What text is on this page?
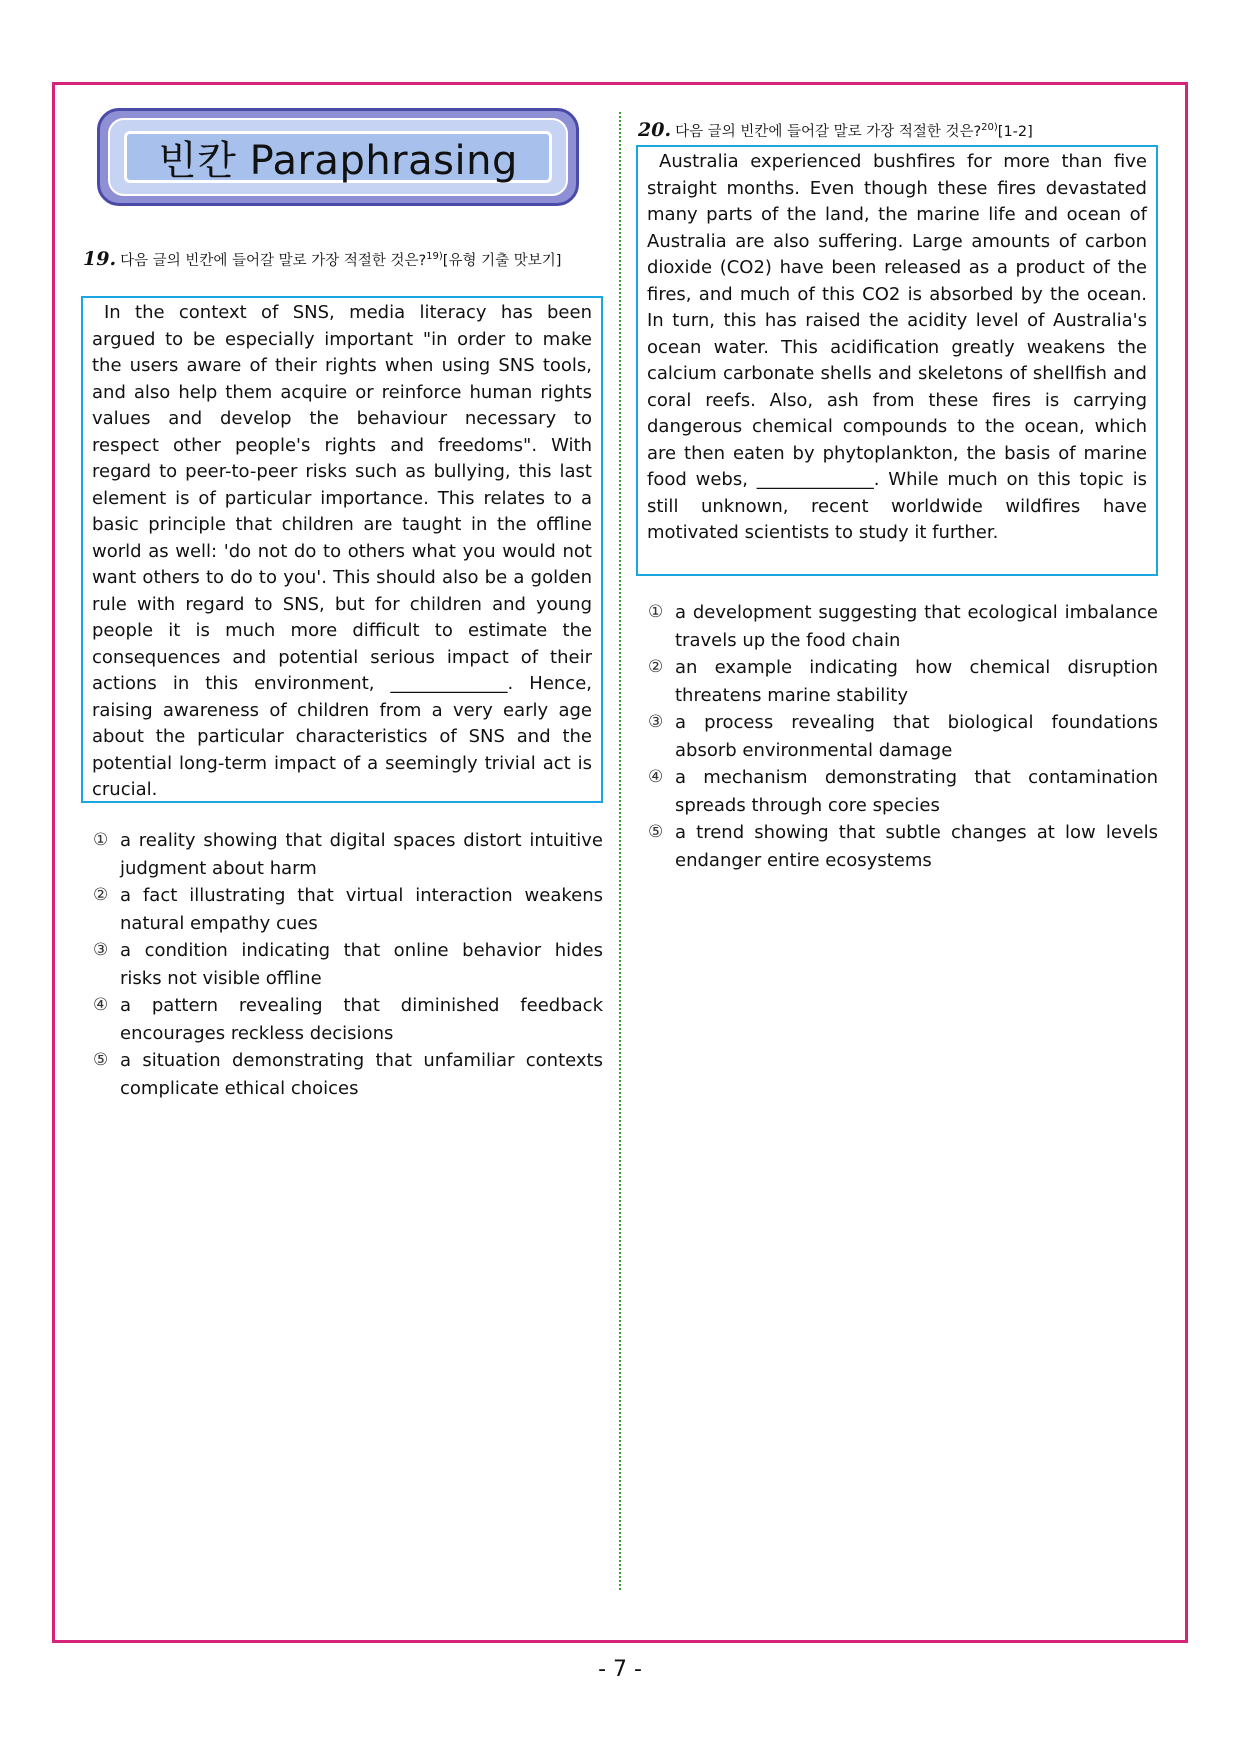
빈칸 Paraphrasing
19. 다음 글의 빈칸에 들어갈 말로 가장 적절한 것은?$^{19)}$[유형 기출 맛보기]

In the context of SNS, media literacy has been argued to be especially important "in order to make the users aware of their rights when using SNS tools, and also help them acquire or reinforce human rights values and develop the behaviour necessary to respect other people's rights and freedoms". With regard to peer-to-peer risks such as bullying, this last element is of particular importance. This relates to a basic principle that children are taught in the offline world as well: 'do not do to others what you would not want others to do to you'. This should also be a golden rule with regard to SNS, but for children and young people it is much more difficult to estimate the consequences and potential serious impact of their actions in this environment, _____________. Hence, raising awareness of children from a very early age about the particular characteristics of SNS and the potential long-term impact of a seemingly trivial act is crucial.

① a reality showing that digital spaces distort intuitive judgment about harm
② a fact illustrating that virtual interaction weakens natural empathy cues
③ a condition indicating that online behavior hides risks not visible offline
④ a pattern revealing that diminished feedback encourages reckless decisions
⑤ a situation demonstrating that unfamiliar contexts complicate ethical choices
20. 다음 글의 빈칸에 들어갈 말로 가장 적절한 것은?$^{20)}$[1-2]

Australia experienced bushfires for more than five straight months. Even though these fires devastated many parts of the land, the marine life and ocean of Australia are also suffering. Large amounts of carbon dioxide (CO2) have been released as a product of the fires, and much of this CO2 is absorbed by the ocean. In turn, this has raised the acidity level of Australia's ocean water. This acidification greatly weakens the calcium carbonate shells and skeletons of shellfish and coral reefs. Also, ash from these fires is carrying dangerous chemical compounds to the ocean, which are then eaten by phytoplankton, the basis of marine food webs, _____________. While much on this topic is still unknown, recent worldwide wildfires have motivated scientists to study it further.

① a development suggesting that ecological imbalance travels up the food chain
② an example indicating how chemical disruption threatens marine stability
③ a process revealing that biological foundations absorb environmental damage
④ a mechanism demonstrating that contamination spreads through core species
⑤ a trend showing that subtle changes at low levels endanger entire ecosystems
- 7 -
